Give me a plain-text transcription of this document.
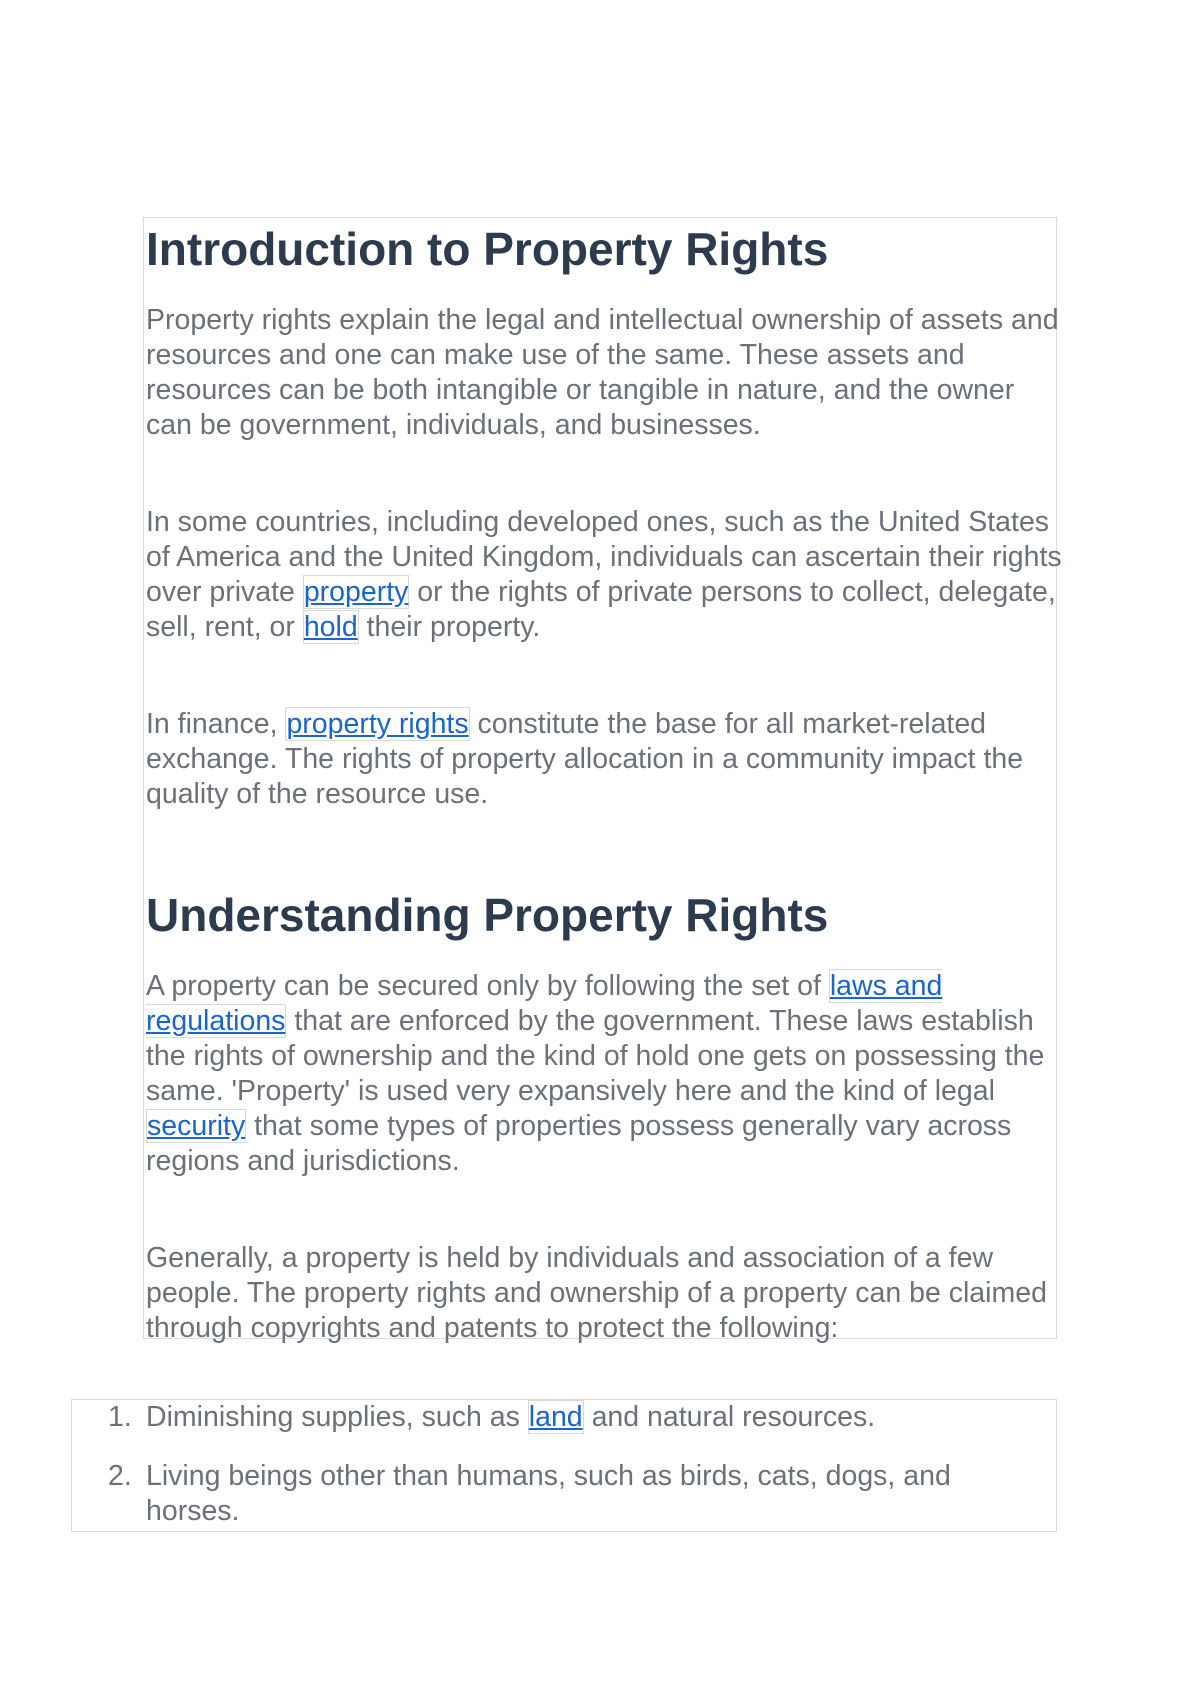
Introduction to Property Rights

Property rights explain the legal and intellectual ownership of assets and resources and one can make use of the same. These assets and resources can be both intangible or tangible in nature, and the owner can be government, individuals, and businesses.

In some countries, including developed ones, such as the United States of America and the United Kingdom, individuals can ascertain their rights over private property or the rights of private persons to collect, delegate, sell, rent, or hold their property.

In finance, property rights constitute the base for all market-related exchange. The rights of property allocation in a community impact the quality of the resource use.

Understanding Property Rights

A property can be secured only by following the set of laws and regulations that are enforced by the government. These laws establish the rights of ownership and the kind of hold one gets on possessing the same. 'Property' is used very expansively here and the kind of legal security that some types of properties possess generally vary across regions and jurisdictions.

Generally, a property is held by individuals and association of a few people. The property rights and ownership of a property can be claimed through copyrights and patents to protect the following:

1. Diminishing supplies, such as land and natural resources.
2. Living beings other than humans, such as birds, cats, dogs, and horses.
